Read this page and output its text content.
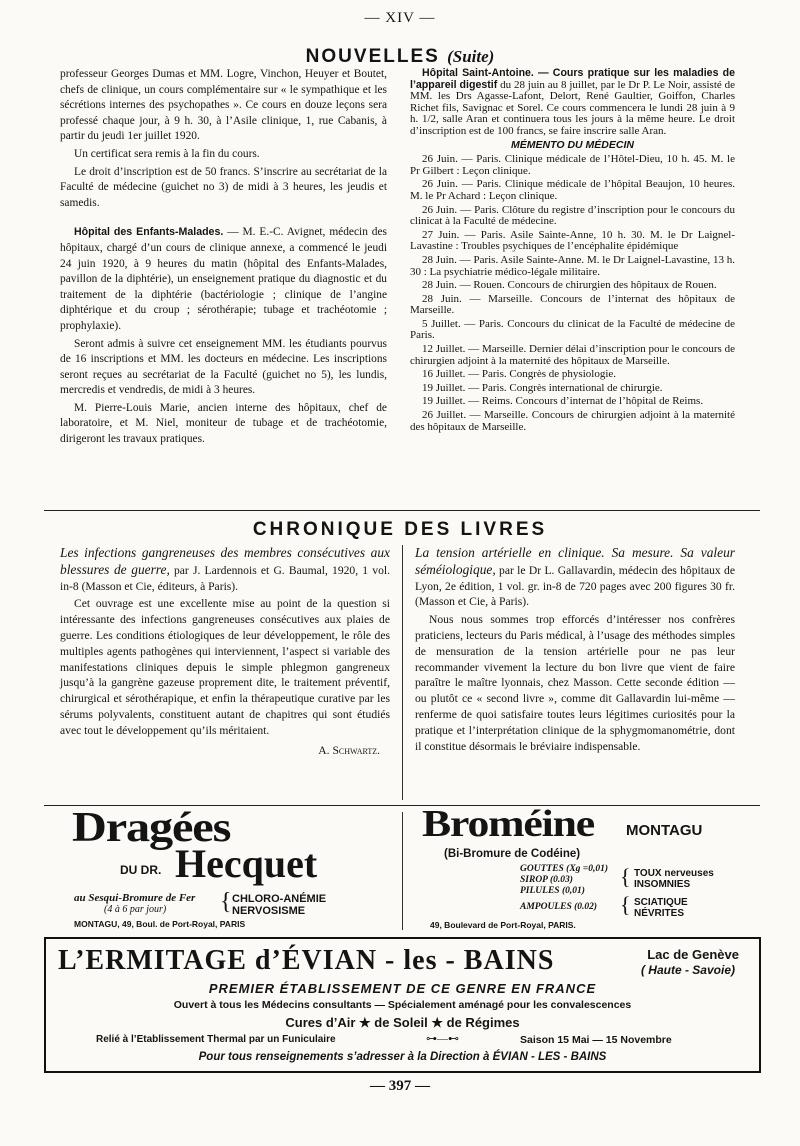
— XIV —
NOUVELLES (Suite)

professeur Georges Dumas et MM. Logre, Vinchon, Heuyer et Boutet, chefs de clinique, un cours complémentaire sur « le sympathique et les sécrétions internes des psychopathes ». Ce cours en douze leçons sera professé chaque jour, à 9 h. 30, à l’Asile clinique, 1, rue Cabanis, à partir du jeudi 1er juillet 1920.

Un certificat sera remis à la fin du cours.

Le droit d’inscription est de 50 francs. S’inscrire au secrétariat de la Faculté de médecine (guichet no 3) de midi à 3 heures, les jeudis et samedis.

Hôpital des Enfants-Malades. — M. E.-C. Avignet, médecin des hôpitaux, chargé d’un cours de clinique annexe, a commencé le jeudi 24 juin 1920, à 9 heures du matin (hôpital des Enfants-Malades, pavillon de la diphtérie), un enseignement pratique du diagnostic et du traitement de la diphtérie (bactériologie ; clinique de l’angine diphtérique et du croup ; sérothérapie; tubage et trachéotomie ; prophylaxie).

Seront admis à suivre cet enseignement MM. les étudiants pourvus de 16 inscriptions et MM. les docteurs en médecine. Les inscriptions seront reçues au secrétariat de la Faculté (guichet no 5), les lundis, mercredis et vendredis, de midi à 3 heures.

M. Pierre-Louis Marie, ancien interne des hôpitaux, chef de laboratoire, et M. Niel, moniteur de tubage et de trachéotomie, dirigeront les travaux pratiques.

Hôpital Saint-Antoine. — Cours pratique sur les maladies de l’appareil digestif du 28 juin au 8 juillet, par le Dr P. Le Noir, assisté de MM. les Drs Agasse-Lafont, Delort, René Gaultier, Goiffon, Charles Richet fils, Savignac et Sorel. Ce cours commencera le lundi 28 juin à 9 h. 1/2, salle Aran et continuera tous les jours à la même heure. Le droit d’inscription est de 100 francs, se faire inscrire salle Aran.

MÉMENTO DU MÉDECIN

26 Juin. — Paris. Clinique médicale de l’Hôtel-Dieu, 10 h. 45. M. le Pr Gilbert : Leçon clinique.

26 Juin. — Paris. Clinique médicale de l’hôpital Beaujon, 10 heures. M. le Pr Achard : Leçon clinique.

26 Juin. — Paris. Clôture du registre d’inscription pour le concours du clinicat à la Faculté de médecine.

27 Juin. — Paris. Asile Sainte-Anne, 10 h. 30. M. le Dr Laignel-Lavastine : Troubles psychiques de l’encéphalite épidémique

28 Juin. — Paris. Asile Sainte-Anne. M. le Dr Laignel-Lavastine, 13 h. 30 : La psychiatrie médico-légale militaire.

28 Juin. — Rouen. Concours de chirurgien des hôpitaux de Rouen.

28 Juin. — Marseille. Concours de l’internat des hôpitaux de Marseille.

5 Juillet. — Paris. Concours du clinicat de la Faculté de médecine de Paris.

12 Juillet. — Marseille. Dernier délai d’inscription pour le concours de chirurgien adjoint à la maternité des hôpitaux de Marseille.

16 Juillet. — Paris. Congrès de physiologie.

19 Juillet. — Paris. Congrès international de chirurgie.

19 Juillet. — Reims. Concours d’internat de l’hôpital de Reims.

26 Juillet. — Marseille. Concours de chirurgien adjoint à la maternité des hôpitaux de Marseille.

CHRONIQUE DES LIVRES

Les infections gangreneuses des membres consécutives aux blessures de guerre, par J. Lardennois et G. Baumal, 1920, 1 vol. in-8 (Masson et Cie, éditeurs, à Paris).

Cet ouvrage est une excellente mise au point de la question si intéressante des infections gangreneuses consécutives aux plaies de guerre. Les conditions étiologiques de leur développement, le rôle des multiples agents pathogènes qui interviennent, l’aspect si variable des manifestations cliniques depuis le simple phlegmon gangreneux jusqu’à la gangrène gazeuse proprement dite, le traitement préventif, chirurgical et sérothérapique, et enfin la thérapeutique curative par les sérums polyvalents, constituent autant de chapitres qui sont étudiés avec tout le développement qu’ils méritaient.

A. Schwartz.

La tension artérielle en clinique. Sa mesure. Sa valeur séméiologique, par le Dr L. Gallavardin, médecin des hôpitaux de Lyon, 2e édition, 1 vol. gr. in-8 de 720 pages avec 200 figures 30 fr. (Masson et Cie, à Paris).

Nous nous sommes trop efforcés d’intéresser nos confrères praticiens, lecteurs du Paris médical, à l’usage des méthodes simples de mensuration de la tension artérielle pour ne pas leur recommander vivement la lecture du bon livre que vient de faire paraître le maître lyonnais, chez Masson. Cette seconde édition — ou plutôt ce « second livre », comme dit Gallavardin lui-même — renferme de quoi satisfaire toutes leurs légitimes curiosités pour la pratique et l’interprétation clinique de la sphygmomanométrie, dont il constitue désormais le bréviaire indispensable.

Dragées
DU DR. Hecquet
au Sesqui-Bromure de Fer
(4 à 6 par jour) { CHLORO-ANÉMIE
NERVOSISME
MONTAGU, 49, Boul. de Port-Royal, PARIS
Broméine MONTAGU
(Bi-Bromure de Codéine)
GOUTTES (Xg =0,01)
SIROP (0.03)
PILULES (0,01)
AMPOULES (0.02)
{
{
TOUX nerveuses
INSOMNIES
SCIATIQUE
NÉVRITES
49, Boulevard de Port-Royal, PARIS.
L’ERMITAGE d’ÉVIAN - les - BAINS	Lac de Genève
( Haute - Savoie)
PREMIER ÉTABLISSEMENT DE CE GENRE EN FRANCE
Ouvert à tous les Médecins consultants — Spécialement aménagé pour les convalescences
Cures d’Air ★ de Soleil ★ de Régimes
Relié à l’Etablissement Thermal par un Funiculaire	⊶—⊷	Saison 15 Mai — 15 Novembre
Pour tous renseignements s’adresser à la Direction à ÉVIAN - LES - BAINS
— 397 —
